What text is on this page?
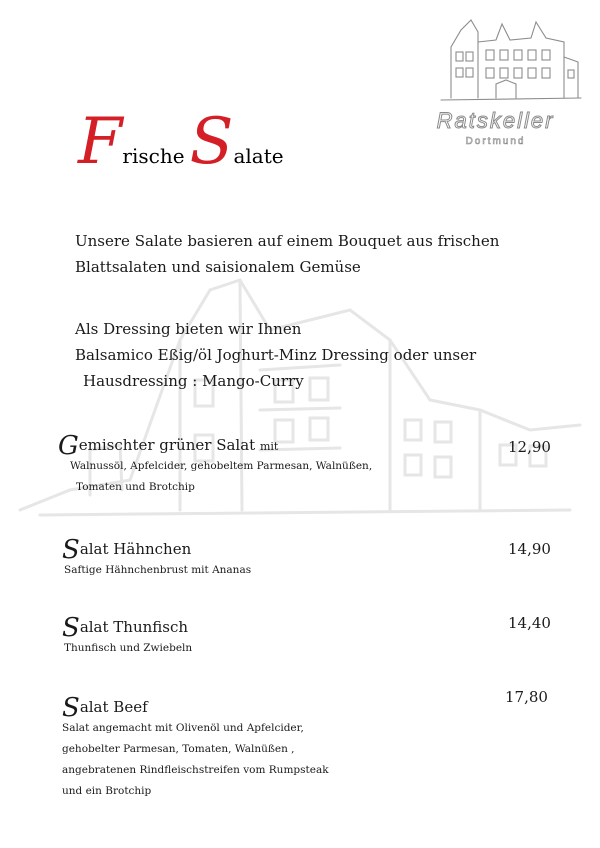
Ratskeller
Dortmund
Frische Salate

Unsere Salate basieren auf einem Bouquet aus frischen

Blattsalaten und saisionalem Gemüse

Als Dressing bieten wir Ihnen

Balsamico Eßig/öl Joghurt-Minz Dressing oder unser

Hausdressing : Mango-Curry

Gemischter grüner Salat mit
Walnussöl, Apfelcider, gehobeltem Parmesan, Walnüßen,
Tomaten und Brotchip
12,90
Salat Hähnchen
Saftige Hähnchenbrust mit Ananas
14,90
Salat Thunfisch
Thunfisch und Zwiebeln
14,40
Salat Beef
Salat angemacht mit Olivenöl und Apfelcider,
gehobelter Parmesan, Tomaten, Walnüßen ,
angebratenen Rindfleischstreifen vom Rumpsteak
und ein Brotchip
17,80
